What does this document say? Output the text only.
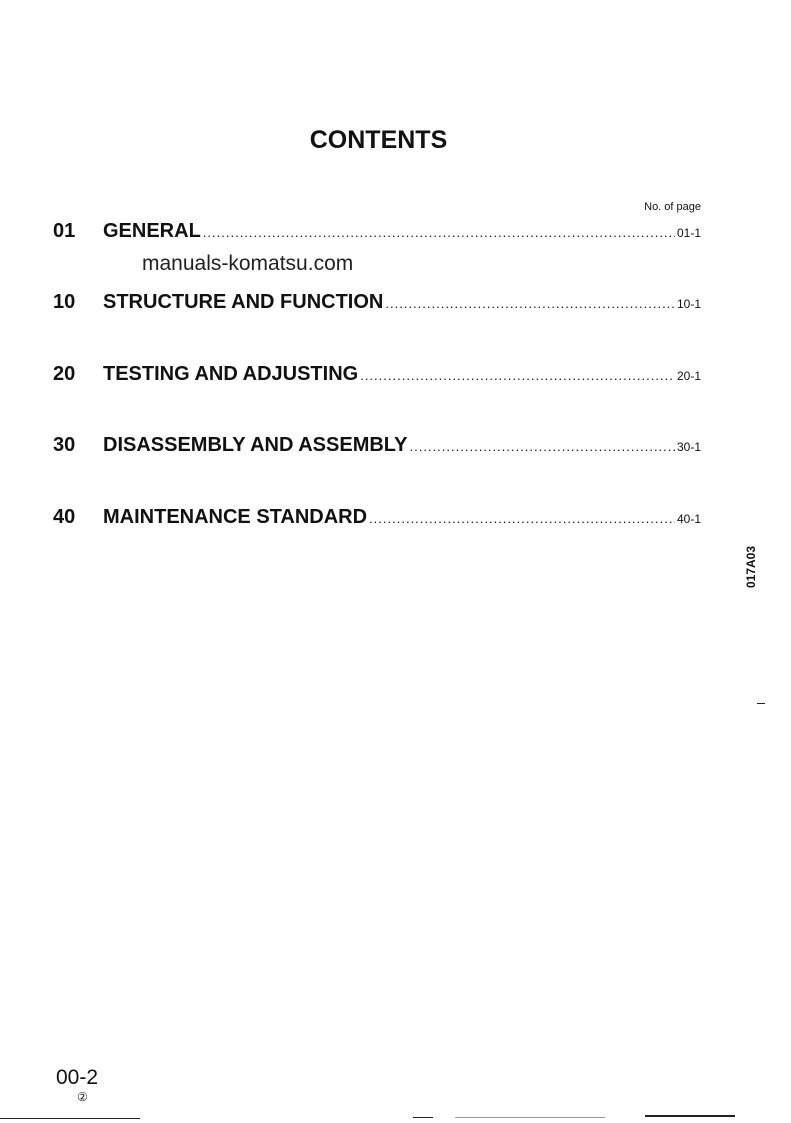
CONTENTS
No. of page
01	GENERAL .....	01-1
manuals-komatsu.com
10	STRUCTURE AND FUNCTION .....	10-1
20	TESTING AND ADJUSTING .....	20-1
30	DISASSEMBLY AND ASSEMBLY .....	30-1
40	MAINTENANCE STANDARD .....	40-1
017A03
00-2
②
